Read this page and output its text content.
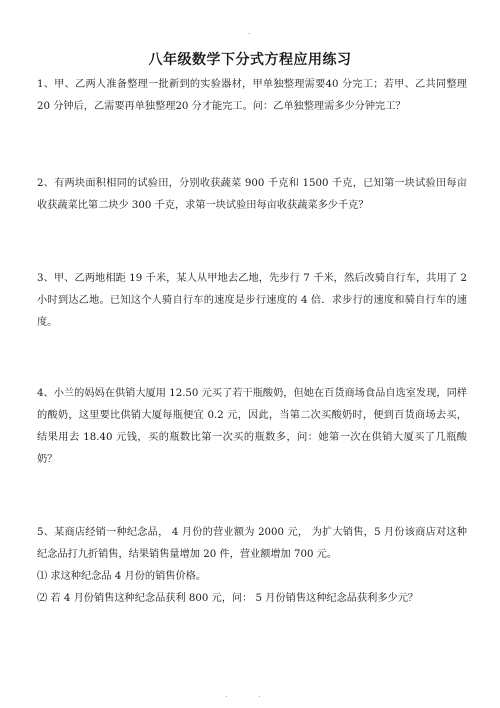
.
八年级数学下分式方程应用练习

1、甲、乙两人准备整理一批新到的实验器材，甲单独整理需要40 分完工；若甲、乙共同整理 20 分钟后，乙需要再单独整理20 分才能完工。问：乙单独整理需多少分钟完工？

2、有两块面积相同的试验田，分别收获蔬菜 900 千克和 1500 千克，已知第一块试验田每亩收获蔬菜比第二块少 300 千克，求第一块试验田每亩收获蔬菜多少千克？

3、甲、乙两地相距 19 千米，某人从甲地去乙地，先步行 7 千米，然后改骑自行车，共用了 2 小时到达乙地。已知这个人骑自行车的速度是步行速度的 4 倍．求步行的速度和骑自行车的速度。

4、小兰的妈妈在供销大厦用 12.50 元买了若干瓶酸奶，但她在百货商场食品自选室发现，同样的酸奶，这里要比供销大厦每瓶便宜 0.2 元，因此，当第二次买酸奶时，便到百货商场去买，结果用去 18.40 元钱，买的瓶数比第一次买的瓶数多，问：她第一次在供销大厦买了几瓶酸奶？

5、某商店经销一种纪念品， 4 月份的营业额为 2000 元， 为扩大销售，5 月份该商店对这种纪念品打九折销售，结果销售量增加 20 件，营业额增加 700 元。
⑴ 求这种纪念品 4 月份的销售价格。
⑵ 若 4 月份销售这种纪念品获利 800 元，问： 5 月份销售这种纪念品获利多少元？
. .
